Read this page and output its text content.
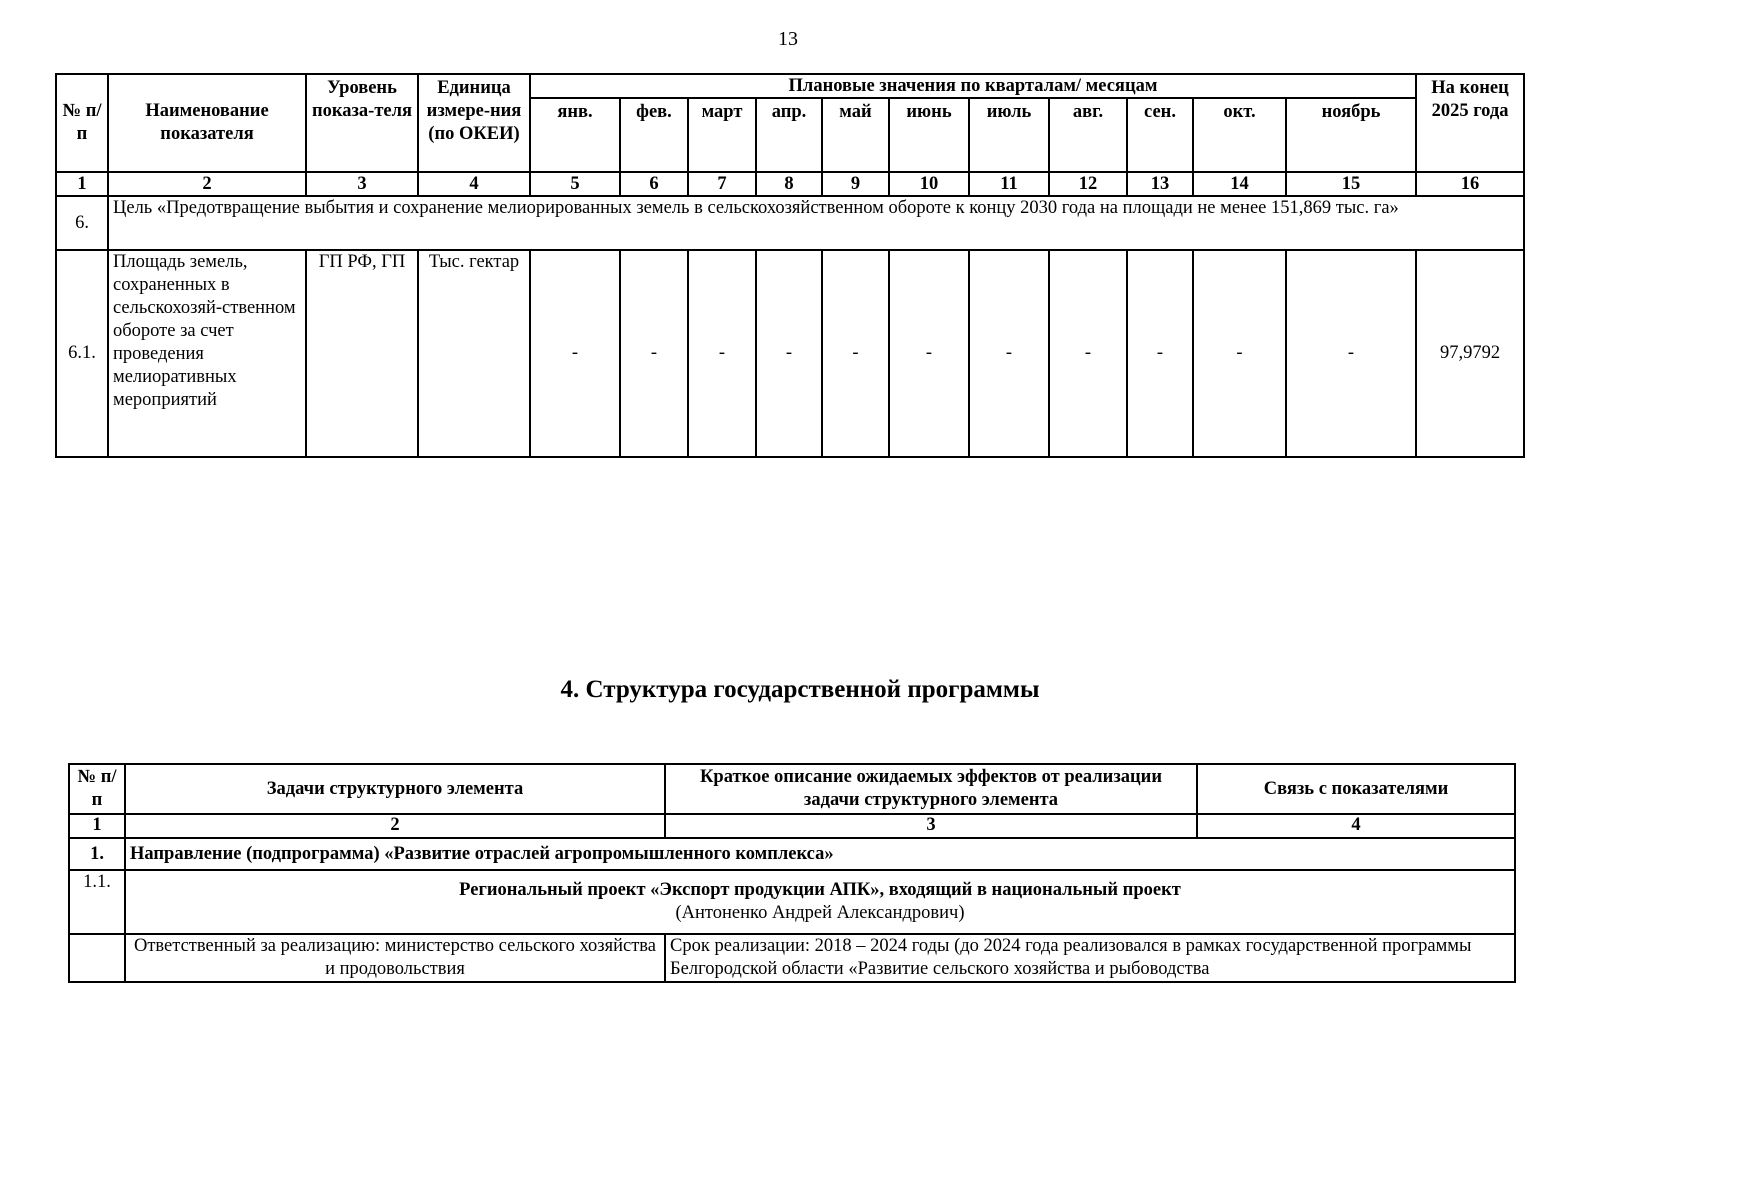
13
№ п/п	Наименование показателя	Уровень показа-теля	Единица измере-ния (по ОКЕИ)	Плановые значения по кварталам/ месяцам											На конец 2025 года
				янв.	фев.	март	апр.	май	июнь	июль	авг.	сен.	окт.	ноябрь	
1	2	3	4	5	6	7	8	9	10	11	12	13	14	15	16
6.	Цель «Предотвращение выбытия и сохранение мелиорированных земель в сельскохозяйственном обороте к концу 2030 года на площади не менее 151,869 тыс. га»														
6.1.	Площадь земель, сохраненных в сельскохозяй-ственном обороте за счет проведения мелиоративных мероприятий	ГП РФ, ГП	Тыс. гектар	-	-	-	-	-	-	-	-	-	-	-	97,9792
4. Структура государственной программы
№ п/п	Задачи структурного элемента	Краткое описание ожидаемых эффектов от реализации задачи структурного элемента	Связь с показателями
1	2	3	4
1.	Направление (подпрограмма) «Развитие отраслей агропромышленного комплекса»		
1.1.	Региональный проект «Экспорт продукции АПК», входящий в национальный проект
(Антоненко Андрей Александрович)		

	Ответственный за реализацию: министерство сельского хозяйства и продовольствия	Срок реализации: 2018 – 2024 годы (до 2024 года реализовался в рамках государственной программы Белгородской области «Развитие сельского хозяйства и рыбоводства	
